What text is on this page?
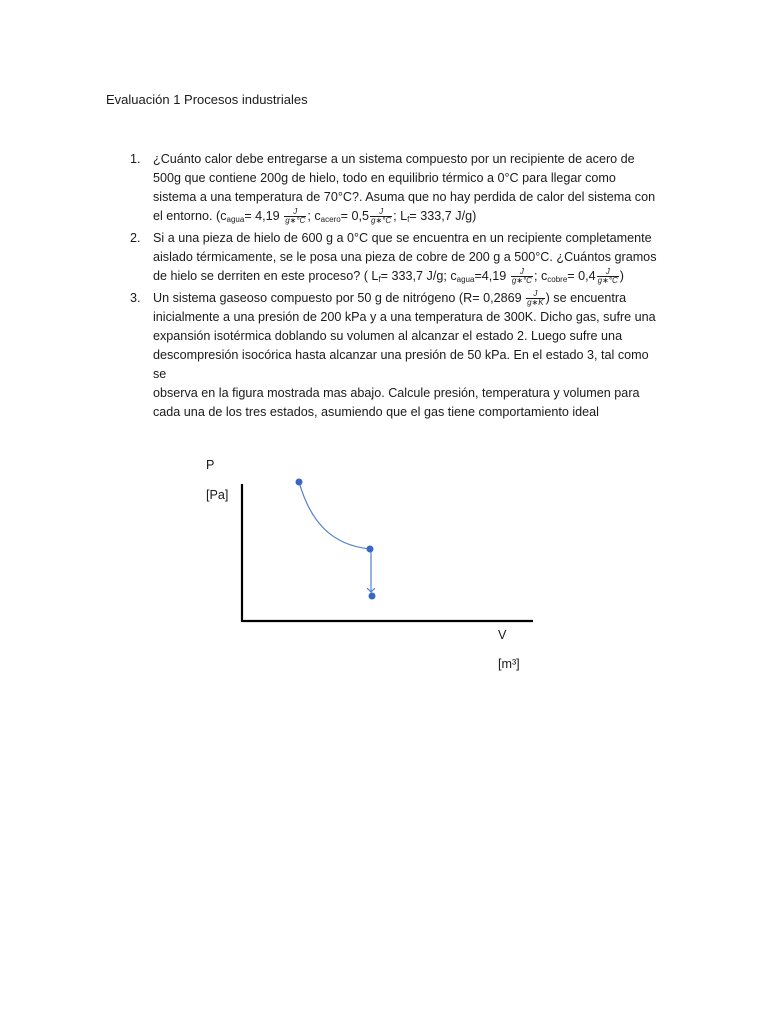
Evaluación 1 Procesos industriales
1. ¿Cuánto calor debe entregarse a un sistema compuesto por un recipiente de acero de
500g que contiene 200g de hielo, todo en equilibrio térmico a 0°C para llegar como
sistema a una temperatura de 70°C?. Asuma que no hay perdida de calor del sistema con
el entorno. ($c_{agua}= 4,19 \frac{J}{g∗^\circ C}$ ; $c_{acero}= 0,5 \frac{J}{g∗^\circ C}$ ; $L_f= 333,7$ J/g)
2. Si a una pieza de hielo de 600 g a 0°C que se encuentra en un recipiente completamente
aislado térmicamente, se le posa una pieza de cobre de 200 g a 500°C. ¿Cuántos gramos
de hielo se derriten en este proceso? ( $L_f= 333,7$ J/g; $c_{agua}=4,19 \frac{J}{g∗^\circ C}$ ; $c_{cobre}= 0,4 \frac{J}{g∗^\circ C}$ )
3. Un sistema gaseoso compuesto por 50 g de nitrógeno ($R= 0,2869 \frac{J}{g∗K}$ ) se encuentra
inicialmente a una presión de 200 kPa y a una temperatura de 300K. Dicho gas, sufre una
expansión isotérmica doblando su volumen al alcanzar el estado 2. Luego sufre una
descompresión isocórica hasta alcanzar una presión de 50 kPa. En el estado 3, tal como se
observa en la figura mostrada mas abajo. Calcule presión, temperatura y volumen para
cada una de los tres estados, asumiendo que el gas tiene comportamiento ideal
P
[Pa]
V
[m³]
